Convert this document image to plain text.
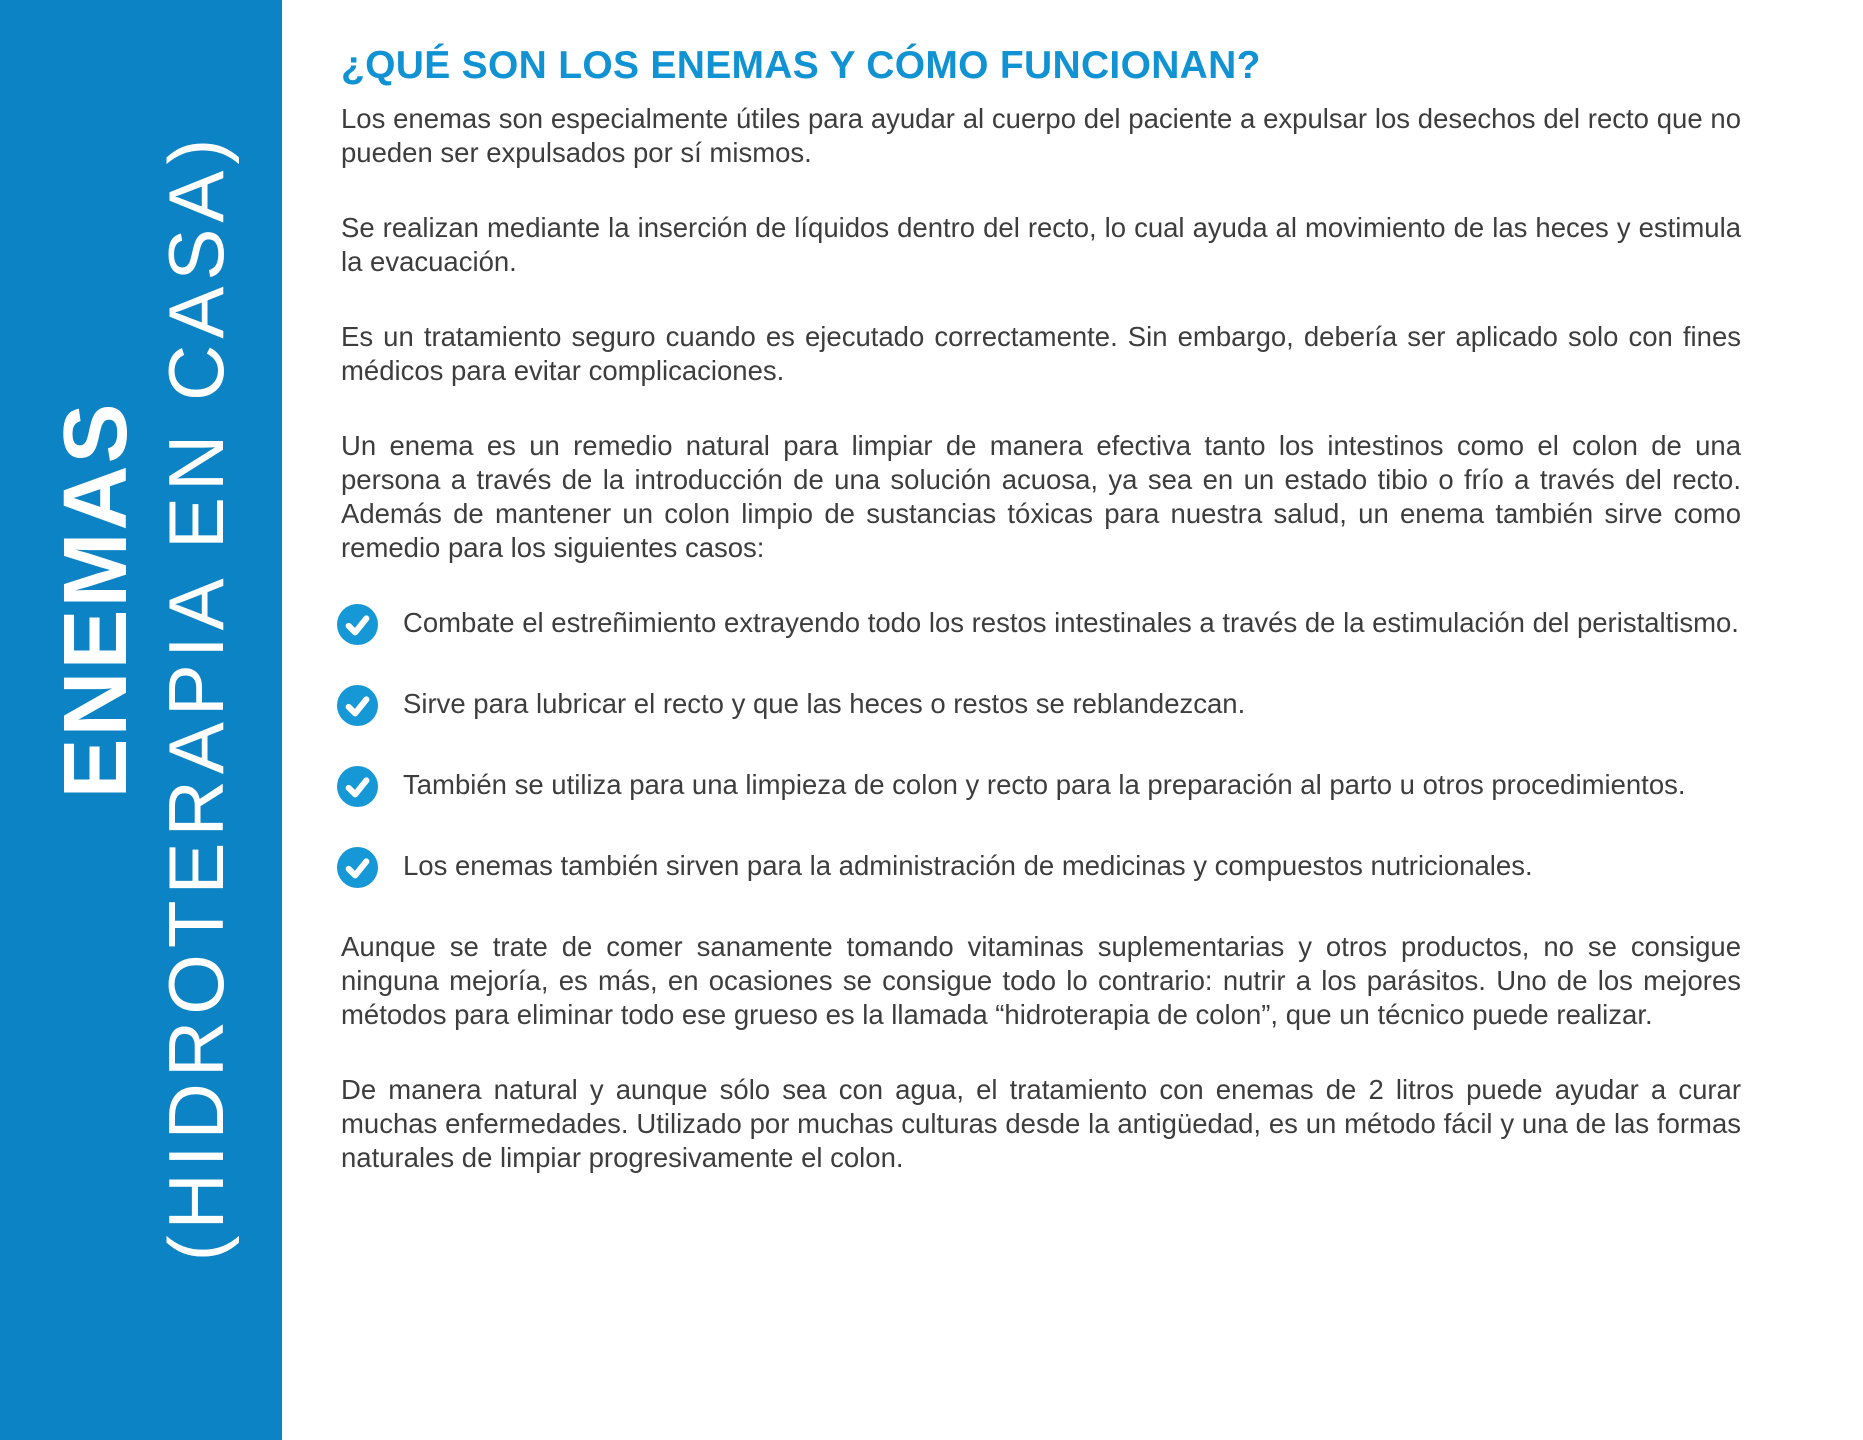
ENEMAS (HIDROTERAPIA EN CASA)
¿QUÉ SON LOS ENEMAS Y CÓMO FUNCIONAN?

Los enemas son especialmente útiles para ayudar al cuerpo del paciente a expulsar los desechos del recto que no pueden ser expulsados por sí mismos.

Se realizan mediante la inserción de líquidos dentro del recto, lo cual ayuda al movimiento de las heces y estimula la evacuación.

Es un tratamiento seguro cuando es ejecutado correctamente. Sin embargo, debería ser aplicado solo con fines médicos para evitar complicaciones.

Un enema es un remedio natural para limpiar de manera efectiva tanto los intestinos como el colon de una persona a través de la introducción de una solución acuosa, ya sea en un estado tibio o frío a través del recto. Además de mantener un colon limpio de sustancias tóxicas para nuestra salud, un enema también sirve como remedio para los siguientes casos:

Combate el estreñimiento extrayendo todo los restos intestinales a través de la estimulación del peristaltismo.

Sirve para lubricar el recto y que las heces o restos se reblandezcan.

También se utiliza para una limpieza de colon y recto para la preparación al parto u otros procedimientos.

Los enemas también sirven para la administración de medicinas y compuestos nutricionales.

Aunque se trate de comer sanamente tomando vitaminas suplementarias y otros productos, no se consigue ninguna mejoría, es más, en ocasiones se consigue todo lo contrario: nutrir a los parásitos. Uno de los mejores métodos para eliminar todo ese grueso es la llamada “hidroterapia de colon”, que un técnico puede realizar.

De manera natural y aunque sólo sea con agua, el tratamiento con enemas de 2 litros puede ayudar a curar muchas enfermedades. Utilizado por muchas culturas desde la antigüedad, es un método fácil y una de las formas naturales de limpiar progresivamente el colon.
